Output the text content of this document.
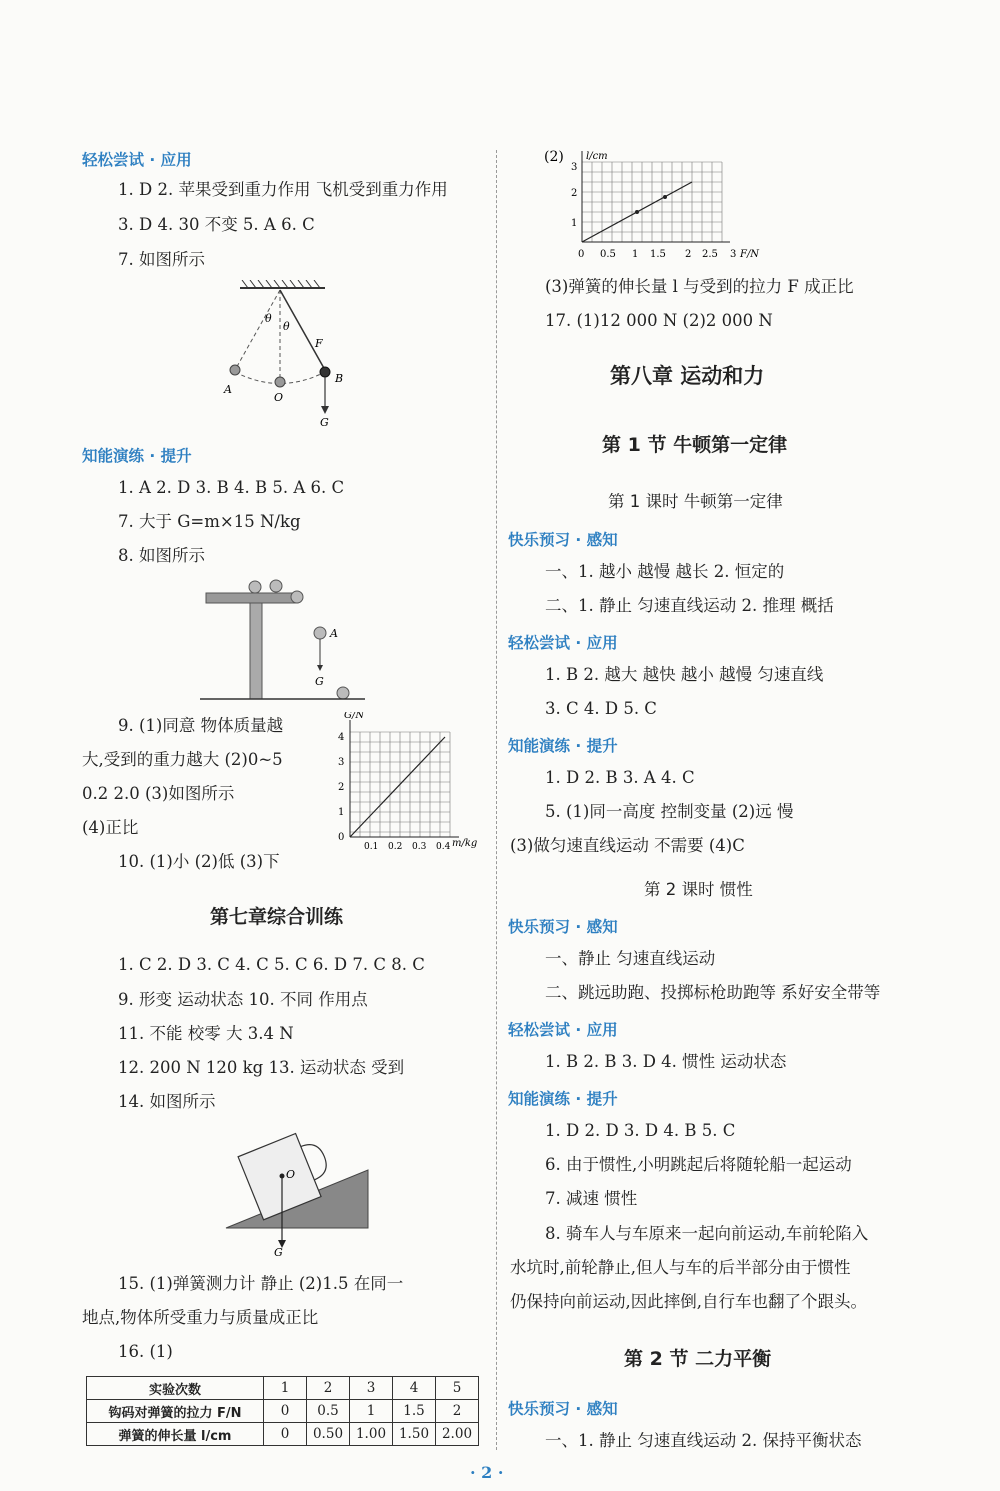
轻松尝试 · 应用
1. D 2. 苹果受到重力作用 飞机受到重力作用
3. D 4. 30 不变 5. A 6. C
7. 如图所示
θ
θ
F
A
O
B
G
知能演练 · 提升
1. A 2. D 3. B 4. B 5. A 6. C
7. 大于 G=m×15 N/kg
8. 如图所示
A
G
9. (1)同意 物体质量越
大,受到的重力越大 (2)0~5
0.2 2.0 (3)如图所示
(4)正比
G/N
m/kg
0
1
2
3
4
0.1 0.2 0.3 0.4
10. (1)小 (2)低 (3)下
第七章综合训练
1. C 2. D 3. C 4. C 5. C 6. D 7. C 8. C
9. 形变 运动状态 10. 不同 作用点
11. 不能 校零 大 3.4 N
12. 200 N 120 kg 13. 运动状态 受到
14. 如图所示
O
G
15. (1)弹簧测力计 静止 (2)1.5 在同一
地点,物体所受重力与质量成正比
16. (1)
实验次数	1	2	3	4	5
钩码对弹簧的拉力 F/N	0	0.5	1	1.5	2
弹簧的伸长量 l/cm	0	0.50	1.00	1.50	2.00
(2) l/cm
1
2
3
0 0.5 1 1.5 2 2.5 3 F/N
(3)弹簧的伸长量 l 与受到的拉力 F 成正比
17. (1)12 000 N (2)2 000 N
第八章 运动和力
第 1 节 牛顿第一定律
第 1 课时 牛顿第一定律
快乐预习 · 感知
一、1. 越小 越慢 越长 2. 恒定的
二、1. 静止 匀速直线运动 2. 推理 概括
轻松尝试 · 应用
1. B 2. 越大 越快 越小 越慢 匀速直线
3. C 4. D 5. C
知能演练 · 提升
1. D 2. B 3. A 4. C
5. (1)同一高度 控制变量 (2)远 慢
(3)做匀速直线运动 不需要 (4)C
第 2 课时 惯性
快乐预习 · 感知
一、静止 匀速直线运动
二、跳远助跑、投掷标枪助跑等 系好安全带等
轻松尝试 · 应用
1. B 2. B 3. D 4. 惯性 运动状态
知能演练 · 提升
1. D 2. D 3. D 4. B 5. C
6. 由于惯性,小明跳起后将随轮船一起运动
7. 减速 惯性
8. 骑车人与车原来一起向前运动,车前轮陷入
水坑时,前轮静止,但人与车的后半部分由于惯性
仍保持向前运动,因此摔倒,自行车也翻了个跟头。
第 2 节 二力平衡
快乐预习 · 感知
一、1. 静止 匀速直线运动 2. 保持平衡状态
· 2 ·
